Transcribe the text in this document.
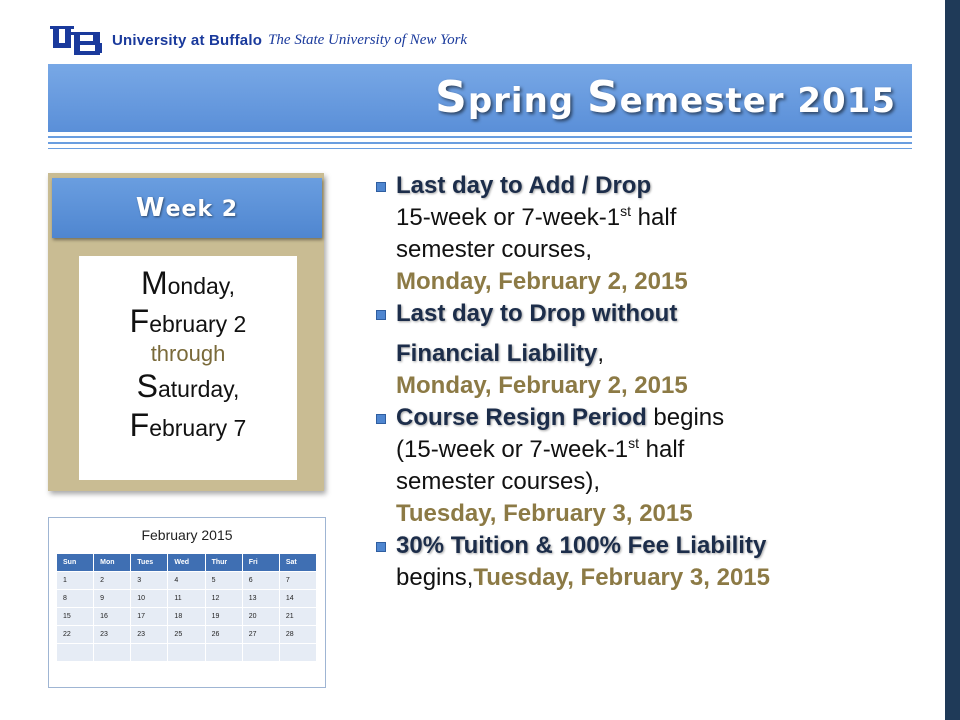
University at Buffalo The State University of New York
Spring Semester 2015
Week 2
Monday,
February 2
through
Saturday,
February 7
February 2015
Sun	Mon	Tues	Wed	Thur	Fri	Sat
1	2	3	4	5	6	7
8	9	10	11	12	13	14
15	16	17	18	19	20	21
22	23	23	25	26	27	28

Last day to Add / Drop
15-week or 7-week-1st half
semester courses,
Monday, February 2, 2015
Last day to Drop without
Financial Liability,
Monday, February 2, 2015
Course Resign Period begins
(15-week or 7-week-1st half
semester courses),
Tuesday, February 3, 2015
30% Tuition & 100% Fee Liability
begins,Tuesday, February 3, 2015
